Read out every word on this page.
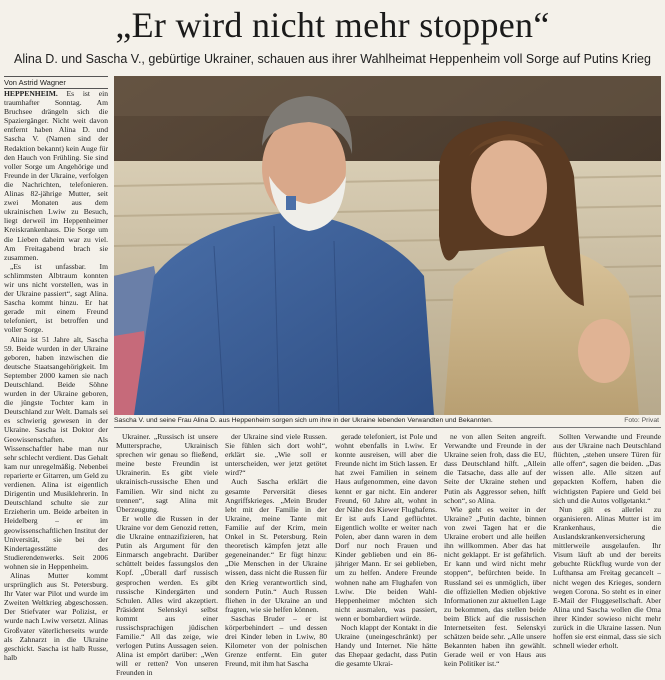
„Er wird nicht mehr stoppen“
Alina D. und Sascha V., gebürtige Ukrainer, schauen aus ihrer Wahlheimat Heppenheim voll Sorge auf Putins Krieg
Von Astrid Wagner

HEPPENHEIM. Es ist ein traumhafter Sonntag. Am Bruchsee drängeln sich die Spaziergänger. Nicht weit davon entfernt haben Alina D. und Sascha V. (Namen sind der Redaktion bekannt) kein Auge für den Hauch von Frühling. Sie sind voller Sorge um Angehörige und Freunde in der Ukraine, verfolgen die Nachrichten, telefonieren. Alinas 82-jährige Mutter, seit zwei Monaten aus dem ukrainischen Lwiw zu Besuch, liegt derweil im Heppenheimer Kreiskrankenhaus. Die Sorge um die Lieben daheim war zu viel. Am Freitagabend brach sie zusammen.

„Es ist unfassbar. Im schlimmsten Albtraum konnten wir uns nicht vorstellen, was in der Ukraine passiert“, sagt Alina. Sascha kommt hinzu. Er hat gerade mit einem Freund telefoniert, ist betroffen und voller Sorge.

Alina ist 51 Jahre alt, Sascha 59. Beide wurden in der Ukraine geboren, haben inzwischen die deutsche Staatsangehörigkeit. Im September 2000 kamen sie nach Deutschland. Beide Söhne wurden in der Ukraine geboren, die jüngste Tochter kam in Deutschland zur Welt. Damals sei es schwierig gewesen in der Ukraine. Sascha ist Doktor der Geowissenschaften. Als Wissenschaftler habe man nur sehr schlecht verdient. Das Gehalt kam nur unregelmäßig. Nebenbei reparierte er Gitarren, um Geld zu verdienen. Alina ist eigentlich Dirigentin und Musiklehrerin. In Deutschland schulte sie zur Erzieherin um. Beide arbeiten in Heidelberg – er im geowissenschaftlichen Institut der Universität, sie bei der Kindertagesstätte des Studierendenwerks. Seit 2006 wohnen sie in Heppenheim.

Alinas Mutter kommt ursprünglich aus St. Petersburg. Ihr Vater war Pilot und wurde im Zweiten Weltkrieg abgeschossen. Der Stiefvater war Polizist, er wurde nach Lwiw versetzt. Alinas Großvater väterlicherseits wurde als Zahnarzt in die Ukraine geschickt. Sascha ist halb Russe, halb

Sascha V. und seine Frau Alina D. aus Heppenheim sorgen sich um ihre in der Ukraine lebenden Verwandten und Bekannten.	Foto: Privat

Ukrainer. „Russisch ist unsere Muttersprache, Ukrainisch sprechen wir genau so fließend, meine beste Freundin ist Ukrainerin. Es gibt viele ukrainisch-russische Ehen und Familien. Wir sind nicht zu trennen“, sagt Alina mit Überzeugung.

Er wolle die Russen in der Ukraine vor dem Genozid retten, die Ukraine entnazifizieren, hat Putin als Argument für den Einmarsch angebracht. Darüber schüttelt beides fassungslos den Kopf. „Überall darf russisch gesprochen werden. Es gibt russische Kindergärten und Schulen. Alles wird akzeptiert. Präsident Selenskyi selbst kommt aus einer russischsprachigen jüdischen Familie.“ All das zeige, wie verlogen Putins Aussagen seien. Alina ist empört darüber: „Wen will er retten? Von unseren Freunden in

der Ukraine sind viele Russen. Sie fühlen sich dort wohl“, erklärt sie. „Wie soll er unterscheiden, wer jetzt getötet wird?“

Auch Sascha erklärt die gesamte Perversität dieses Angriffskrieges. „Mein Bruder lebt mit der Familie in der Ukraine, meine Tante mit Familie auf der Krim, mein Onkel in St. Petersburg. Rein theoretisch kämpfen jetzt alle gegeneinander.“ Er fügt hinzu: „Die Menschen in der Ukraine wissen, dass nicht die Russen für den Krieg verantwortlich sind, sondern Putin.“ Auch Russen fliehen in der Ukraine an und fragten, wie sie helfen können.

Saschas Bruder – er ist körperbehindert – und dessen drei Kinder leben in Lwiw, 80 Kilometer von der polnischen Grenze entfernt. Ein guter Freund, mit ihm hat Sascha

gerade telefoniert, ist Pole und wohnt ebenfalls in Lwiw. Er konnte ausreisen, will aber die Freunde nicht im Stich lassen. Er hat zwei Familien in seinem Haus aufgenommen, eine davon kennt er gar nicht. Ein anderer Freund, 60 Jahre alt, wohnt in der Nähe des Kiewer Flughafens. Er ist aufs Land geflüchtet. Eigentlich wollte er weiter nach Polen, aber dann waren in dem Dorf nur noch Frauen und Kinder geblieben und ein 86-jähriger Mann. Er sei geblieben, um zu helfen. Andere Freunde wohnen nahe am Flughafen von Lwiw. Die beiden Wahl-Heppenheimer möchten sich nicht ausmalen, was passiert, wenn er bombardiert würde.

Noch klappt der Kontakt in die Ukraine (uneingeschränkt) per Handy und Internet. Nie hätte das Ehepaar gedacht, dass Putin die gesamte Ukrai-

ne von allen Seiten angreift. Verwandte und Freunde in der Ukraine seien froh, dass die EU, dass Deutschland hilft. „Allein die Tatsache, dass alle auf der Seite der Ukraine stehen und Putin als Aggressor sehen, hilft schon“, so Alina.

Wie geht es weiter in der Ukraine? „Putin dachte, binnen von zwei Tagen hat er die Ukraine erobert und alle heißen ihn willkommen. Aber das hat nicht geklappt. Er ist gefährlich. Er kann und wird nicht mehr stoppen“, befürchten beide. In Russland sei es unmöglich, über die offiziellen Medien objektive Informationen zur aktuellen Lage zu bekommen, das stellen beide beim Blick auf die russischen Internetseiten fest. Selenskyi schätzen beide sehr. „Alle unsere Bekannten haben ihn gewählt. Gerade weil er von Haus aus kein Politiker ist.“

Sollten Verwandte und Freunde aus der Ukraine nach Deutschland flüchten, „stehen unsere Türen für alle offen“, sagen die beiden. „Das wissen alle. Alle sitzen auf gepackten Koffern, haben die wichtigsten Papiere und Geld bei sich und die Autos vollgetankt.“

Nun gilt es allerlei zu organisieren. Alinas Mutter ist im Krankenhaus, die Auslandskrankenversicherung mittlerweile ausgelaufen. Ihr Visum läuft ab und der bereits gebuchte Rückflug wurde von der Lufthansa am Freitag gecancelt – nicht wegen des Krieges, sondern wegen Corona. So steht es in einer E-Mail der Fluggesellschaft. Aber Alina und Sascha wollen die Oma ihrer Kinder sowieso nicht mehr zurück in die Ukraine lassen. Nun hoffen sie erst einmal, dass sie sich schnell wieder erholt.
